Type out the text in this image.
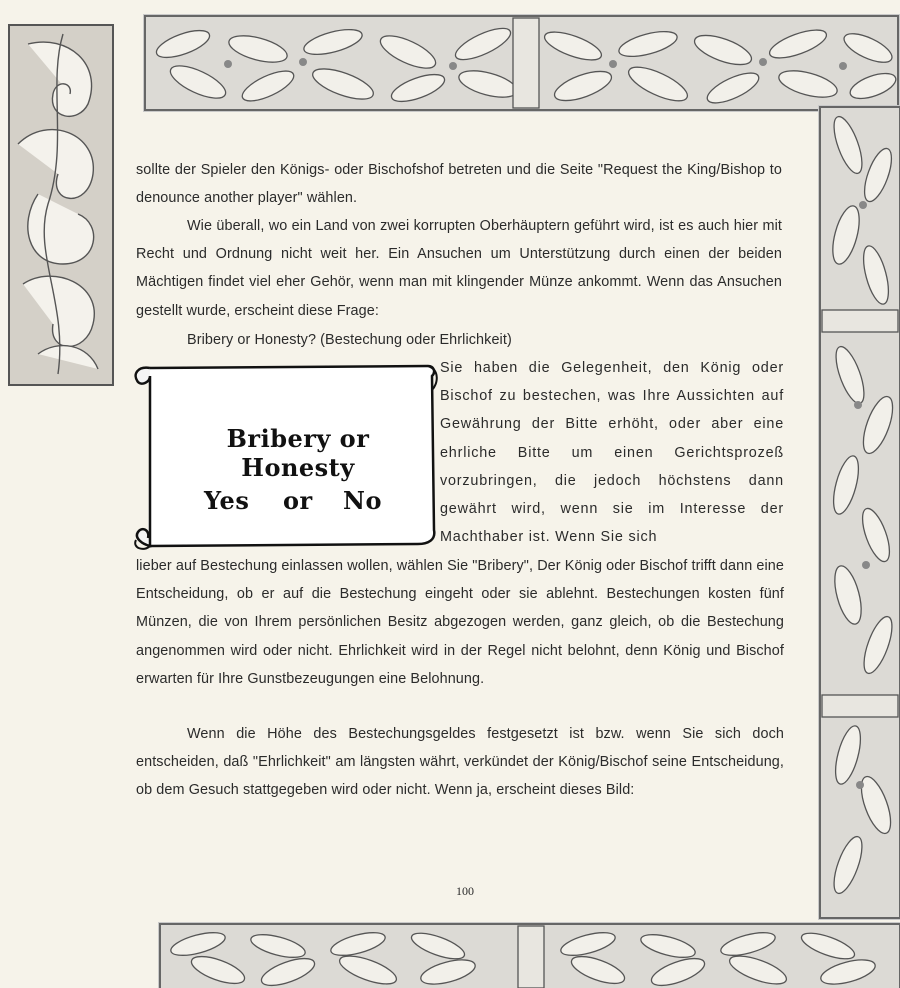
sollte der Spieler den Königs- oder Bischofshof betreten und die Seite "Request the King/Bishop to denounce another player" wählen.

Wie überall, wo ein Land von zwei korrupten Oberhäuptern geführt wird, ist es auch hier mit Recht und Ordnung nicht weit her. Ein Ansuchen um Unterstützung durch einen der beiden Mächtigen findet viel eher Gehör, wenn man mit klingender Münze ankommt. Wenn das Ansuchen gestellt wurde, erscheint diese Frage:

Bribery or Honesty? (Bestechung oder Ehrlichkeit)

Sie haben die Gelegenheit, den König oder Bischof zu bestechen, was Ihre Aussichten auf Gewährung der Bitte erhöht, oder aber eine ehrliche Bitte um einen Gerichtsprozeß vorzubringen, die jedoch höchstens dann gewährt wird, wenn sie im Interesse der Machthaber ist. Wenn Sie sich

lieber auf Bestechung einlassen wollen, wählen Sie "Bribery", Der König oder Bischof trifft dann eine Entscheidung, ob er auf die Bestechung eingeht oder sie ablehnt. Bestechungen kosten fünf Münzen, die von Ihrem persönlichen Besitz abgezogen werden, ganz gleich, ob die Bestechung angenommen wird oder nicht. Ehrlichkeit wird in der Regel nicht belohnt, denn König und Bischof erwarten für Ihre Gunstbezeugungen eine Belohnung.

Wenn die Höhe des Bestechungsgeldes festgesetzt ist bzw. wenn Sie sich doch entscheiden, daß "Ehrlichkeit" am längsten währt, verkündet der König/Bischof seine Entscheidung, ob dem Gesuch stattgegeben wird oder nicht. Wenn ja, erscheint dieses Bild:

Bribery or Honesty
Yes or No
100
